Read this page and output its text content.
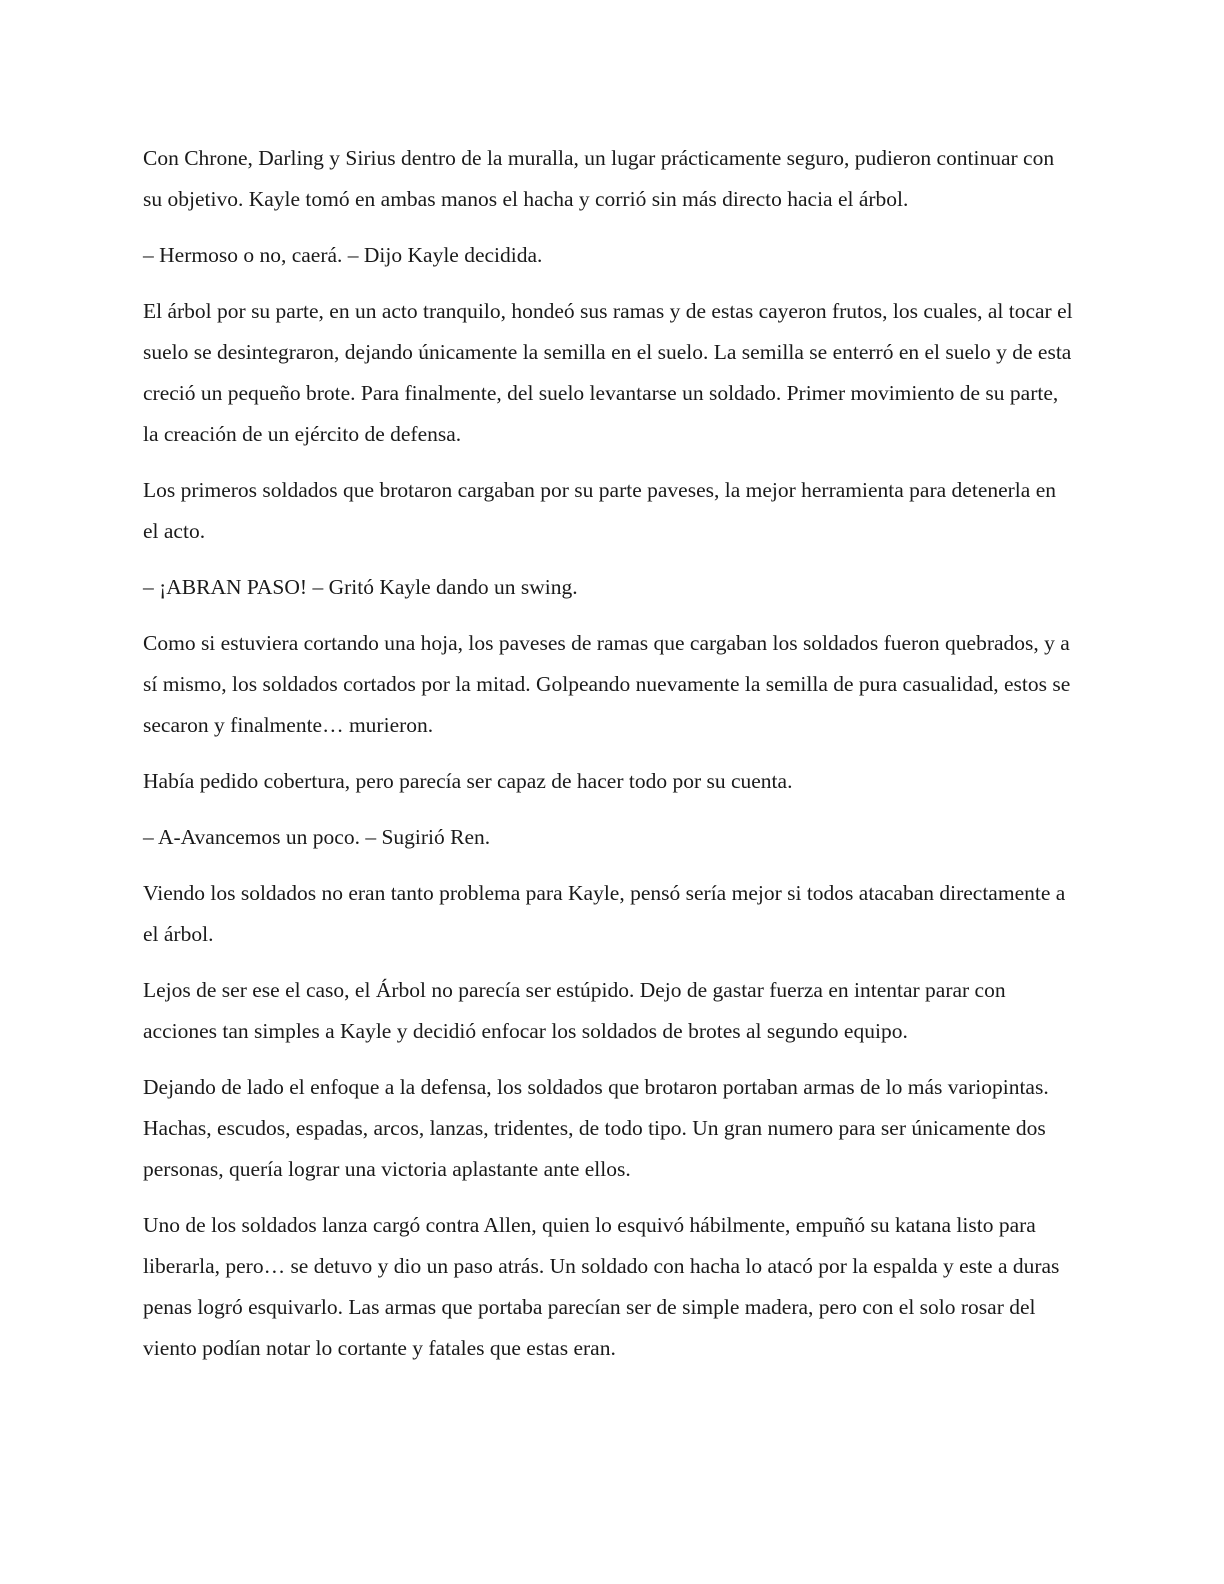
Con Chrone, Darling y Sirius dentro de la muralla, un lugar prácticamente seguro, pudieron continuar con su objetivo. Kayle tomó en ambas manos el hacha y corrió sin más directo hacia el árbol.

– Hermoso o no, caerá. – Dijo Kayle decidida.

El árbol por su parte, en un acto tranquilo, hondeó sus ramas y de estas cayeron frutos, los cuales, al tocar el suelo se desintegraron, dejando únicamente la semilla en el suelo. La semilla se enterró en el suelo y de esta creció un pequeño brote. Para finalmente, del suelo levantarse un soldado. Primer movimiento de su parte, la creación de un ejército de defensa.

Los primeros soldados que brotaron cargaban por su parte paveses, la mejor herramienta para detenerla en el acto.

– ¡ABRAN PASO! – Gritó Kayle dando un swing.

Como si estuviera cortando una hoja, los paveses de ramas que cargaban los soldados fueron quebrados, y a sí mismo, los soldados cortados por la mitad. Golpeando nuevamente la semilla de pura casualidad, estos se secaron y finalmente… murieron.

Había pedido cobertura, pero parecía ser capaz de hacer todo por su cuenta.

– A-Avancemos un poco. – Sugirió Ren.

Viendo los soldados no eran tanto problema para Kayle, pensó sería mejor si todos atacaban directamente a el árbol.

Lejos de ser ese el caso, el Árbol no parecía ser estúpido. Dejo de gastar fuerza en intentar parar con acciones tan simples a Kayle y decidió enfocar los soldados de brotes al segundo equipo.

Dejando de lado el enfoque a la defensa, los soldados que brotaron portaban armas de lo más variopintas. Hachas, escudos, espadas, arcos, lanzas, tridentes, de todo tipo. Un gran numero para ser únicamente dos personas, quería lograr una victoria aplastante ante ellos.

Uno de los soldados lanza cargó contra Allen, quien lo esquivó hábilmente, empuñó su katana listo para liberarla, pero… se detuvo y dio un paso atrás. Un soldado con hacha lo atacó por la espalda y este a duras penas logró esquivarlo. Las armas que portaba parecían ser de simple madera, pero con el solo rosar del viento podían notar lo cortante y fatales que estas eran.
